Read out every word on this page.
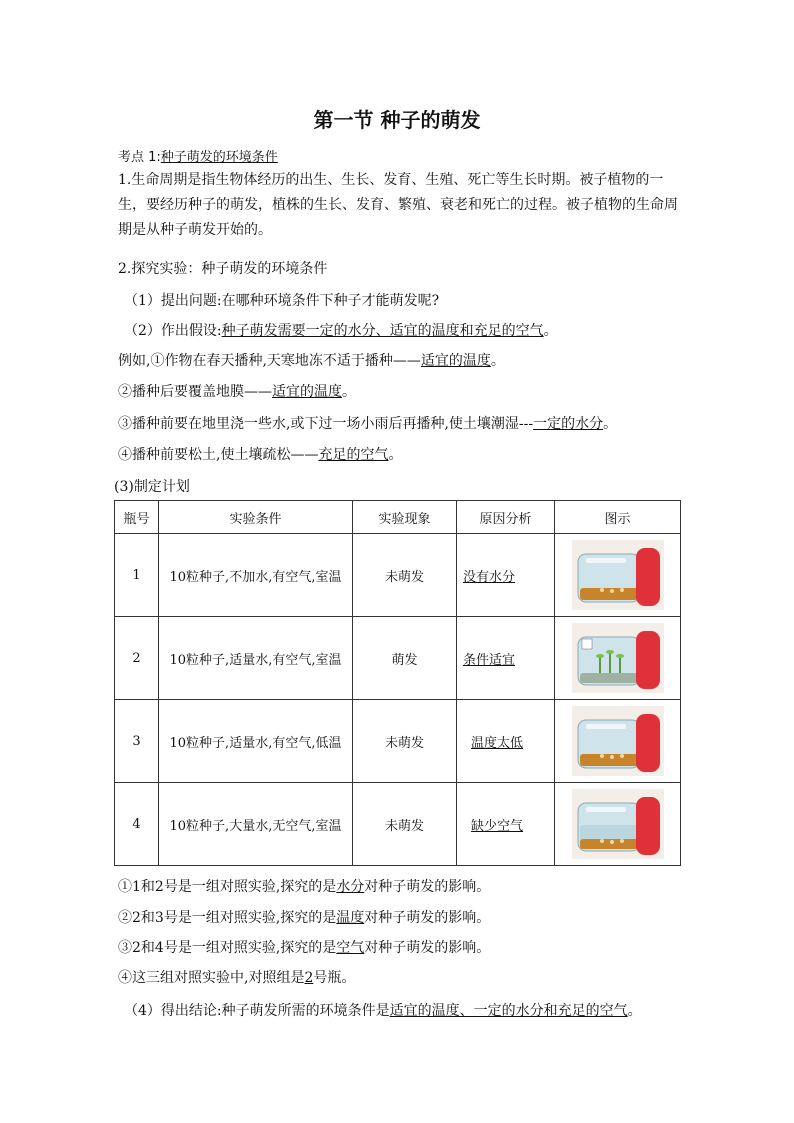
第一节 种子的萌发
考点 1:种子萌发的环境条件
1.生命周期是指生物体经历的出生、生长、发育、生殖、死亡等生长时期。被子植物的一生，要经历种子的萌发，植株的生长、发育、繁殖、衰老和死亡的过程。被子植物的生命周期是从种子萌发开始的。
2.探究实验：种子萌发的环境条件
（1）提出问题:在哪种环境条件下种子才能萌发呢?
（2）作出假设:种子萌发需要一定的水分、适宜的温度和充足的空气。
例如,①作物在春天播种,天寒地冻不适于播种——适宜的温度。
②播种后要覆盖地膜——适宜的温度。
③播种前要在地里浇一些水,或下过一场小雨后再播种,使土壤潮湿---一定的水分。
④播种前要松土,使土壤疏松——充足的空气。
(3)制定计划
瓶号	实验条件	实验现象	原因分析	图示
1	10粒种子,不加水,有空气,室温	未萌发	没有水分	

2	10粒种子,适量水,有空气,室温	萌发	条件适宜	

3	10粒种子,适量水,有空气,低温	未萌发	温度太低	

4	10粒种子,大量水,无空气,室温	未萌发	缺少空气	
①1和2号是一组对照实验,探究的是水分对种子萌发的影响。
②2和3号是一组对照实验,探究的是温度对种子萌发的影响。
③2和4号是一组对照实验,探究的是空气对种子萌发的影响。
④这三组对照实验中,对照组是2号瓶。
（4）得出结论:种子萌发所需的环境条件是适宜的温度、一定的水分和充足的空气。
